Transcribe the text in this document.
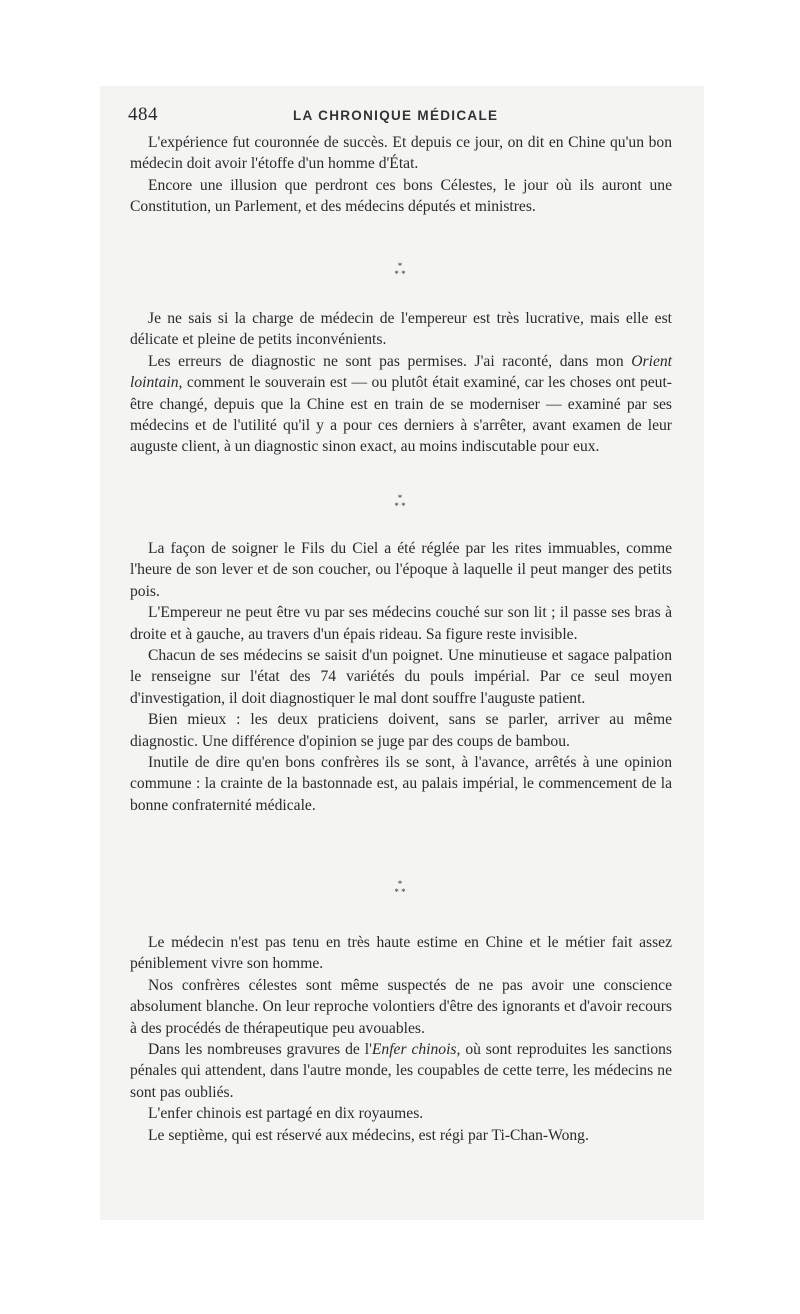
484	LA CHRONIQUE MÉDICALE

L'expérience fut couronnée de succès. Et depuis ce jour, on dit en Chine qu'un bon médecin doit avoir l'étoffe d'un homme d'État.

Encore une illusion que perdront ces bons Célestes, le jour où ils auront une Constitution, un Parlement, et des médecins députés et ministres.

*
* *

Je ne sais si la charge de médecin de l'empereur est très lucrative, mais elle est délicate et pleine de petits inconvénients.

Les erreurs de diagnostic ne sont pas permises. J'ai raconté, dans mon Orient lointain, comment le souverain est — ou plutôt était examiné, car les choses ont peut-être changé, depuis que la Chine est en train de se moderniser — examiné par ses médecins et de l'utilité qu'il y a pour ces derniers à s'arrêter, avant examen de leur auguste client, à un diagnostic sinon exact, au moins indiscutable pour eux.

*
* *

La façon de soigner le Fils du Ciel a été réglée par les rites immuables, comme l'heure de son lever et de son coucher, ou l'époque à laquelle il peut manger des petits pois.

L'Empereur ne peut être vu par ses médecins couché sur son lit ; il passe ses bras à droite et à gauche, au travers d'un épais rideau. Sa figure reste invisible.

Chacun de ses médecins se saisit d'un poignet. Une minutieuse et sagace palpation le renseigne sur l'état des 74 variétés du pouls impérial. Par ce seul moyen d'investigation, il doit diagnostiquer le mal dont souffre l'auguste patient.

Bien mieux : les deux praticiens doivent, sans se parler, arriver au même diagnostic. Une différence d'opinion se juge par des coups de bambou.

Inutile de dire qu'en bons confrères ils se sont, à l'avance, arrêtés à une opinion commune : la crainte de la bastonnade est, au palais impérial, le commencement de la bonne confraternité médicale.

*
* *

Le médecin n'est pas tenu en très haute estime en Chine et le métier fait assez péniblement vivre son homme.

Nos confrères célestes sont même suspectés de ne pas avoir une conscience absolument blanche. On leur reproche volontiers d'être des ignorants et d'avoir recours à des procédés de thérapeutique peu avouables.

Dans les nombreuses gravures de l'Enfer chinois, où sont reproduites les sanctions pénales qui attendent, dans l'autre monde, les coupables de cette terre, les médecins ne sont pas oubliés.

L'enfer chinois est partagé en dix royaumes.

Le septième, qui est réservé aux médecins, est régi par Ti-Chan-Wong.
